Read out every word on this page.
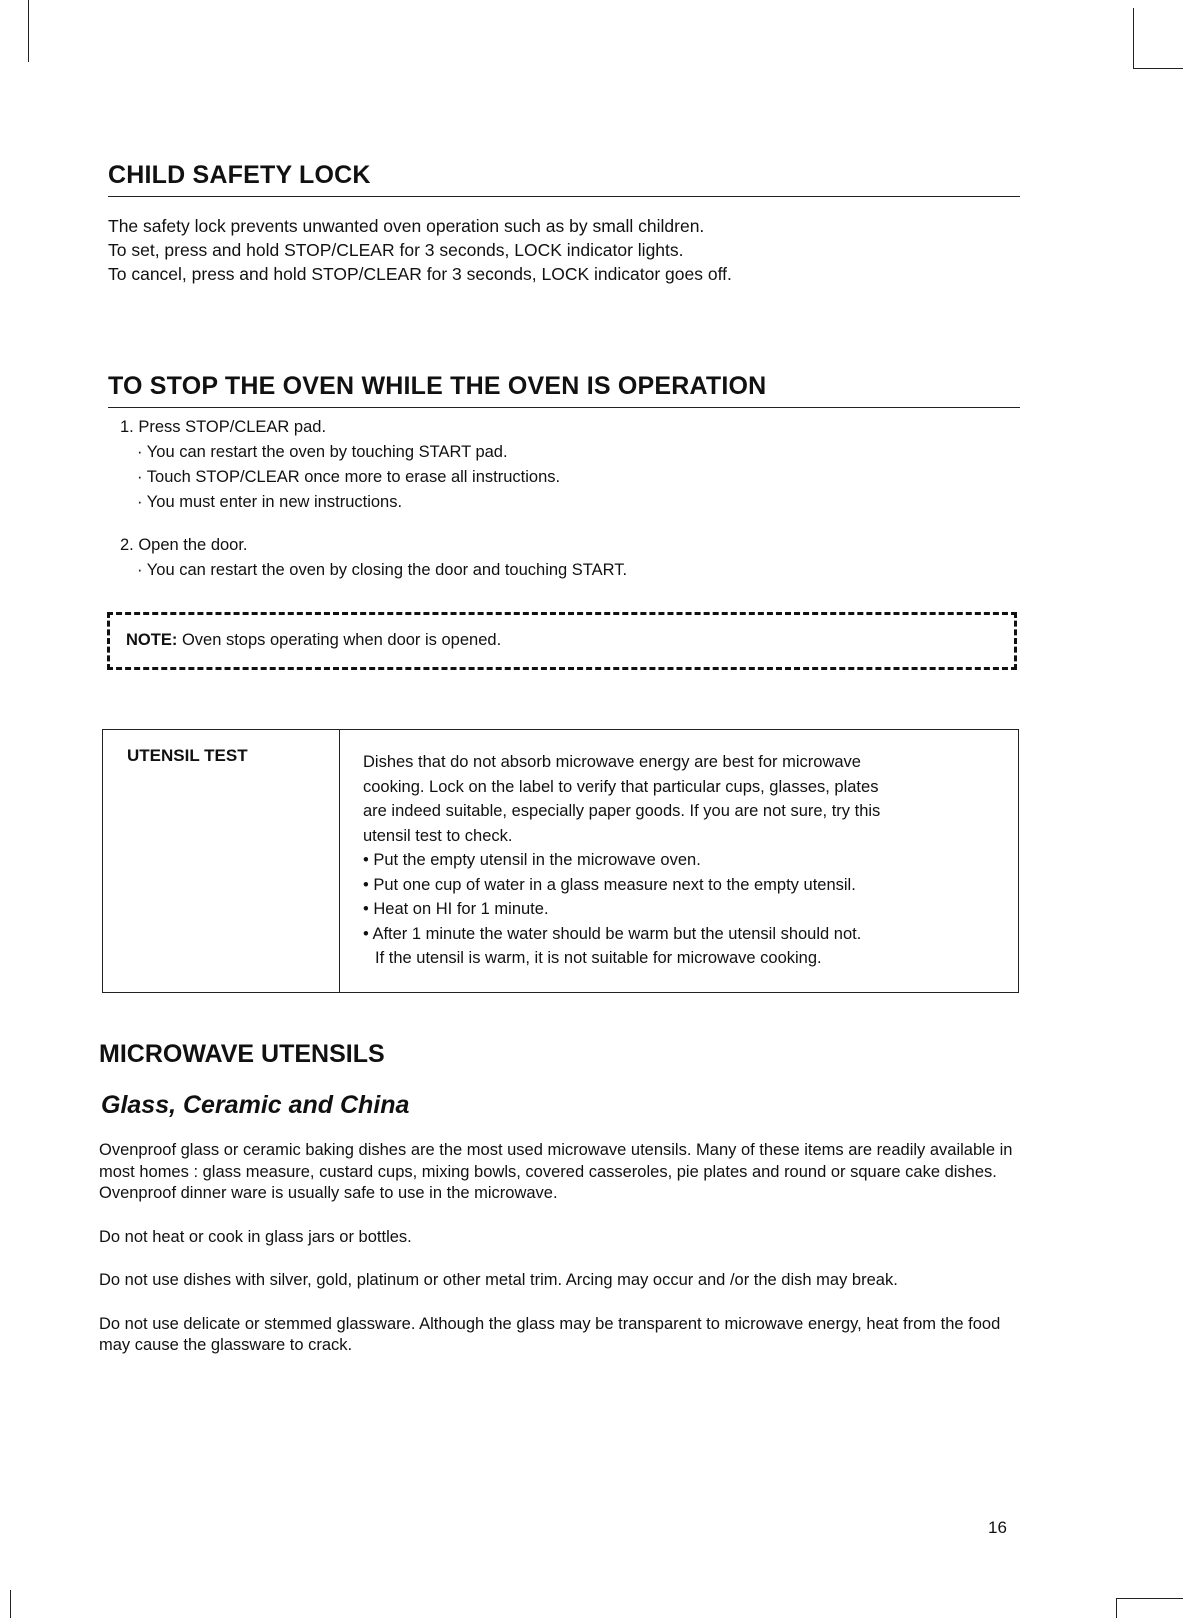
CHILD SAFETY LOCK

The safety lock prevents unwanted oven operation such as by small children.

To set, press and hold STOP/CLEAR for 3 seconds, LOCK indicator lights.

To cancel, press and hold STOP/CLEAR for 3 seconds, LOCK indicator goes off.

TO STOP THE OVEN WHILE THE OVEN IS OPERATION
1. Press STOP/CLEAR pad.
· You can restart the oven by touching START pad.
· Touch STOP/CLEAR once more to erase all instructions.
· You must enter in new instructions.
2. Open the door.
· You can restart the oven by closing the door and touching START.
NOTE: Oven stops operating when door is opened.
UTENSIL TEST	Dishes that do not absorb microwave energy are best for microwave

cooking. Lock on the label to verify that particular cups, glasses, plates

are indeed suitable, especially paper goods. If you are not sure, try this

utensil test to check.

• Put the empty utensil in the microwave oven.

• Put one cup of water in a glass measure next to the empty utensil.

• Heat on HI for 1 minute.

• After 1 minute the water should be warm but the utensil should not.

If the utensil is warm, it is not suitable for microwave cooking.

MICROWAVE UTENSILS
Glass, Ceramic and China

Ovenproof glass or ceramic baking dishes are the most used microwave utensils. Many of these items are readily available in most homes : glass measure, custard cups, mixing bowls, covered casseroles, pie plates and round or square cake dishes. Ovenproof dinner ware is usually safe to use in the microwave.

Do not heat or cook in glass jars or bottles.

Do not use dishes with silver, gold, platinum or other metal trim. Arcing may occur and /or the dish may break.

Do not use delicate or stemmed glassware. Although the glass may be transparent to microwave energy, heat from the food may cause the glassware to crack.

16
